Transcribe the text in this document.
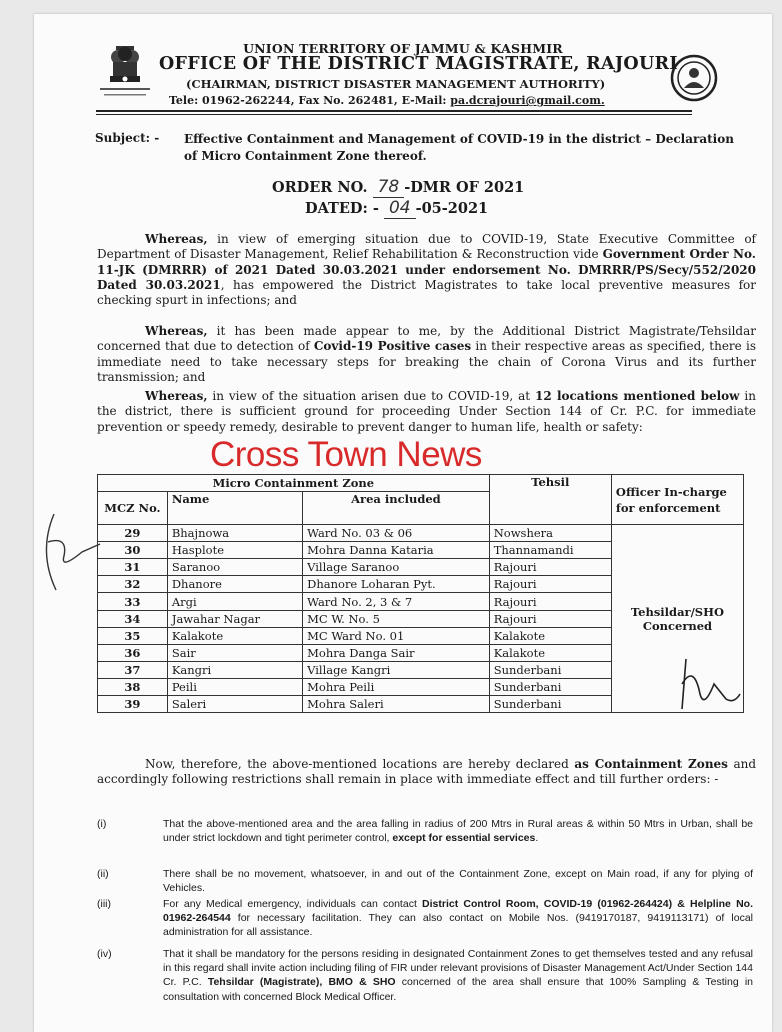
UNION TERRITORY OF JAMMU & KASHMIR
OFFICE OF THE DISTRICT MAGISTRATE, RAJOURI
(CHAIRMAN, DISTRICT DISASTER MANAGEMENT AUTHORITY)
Tele: 01962-262244, Fax No. 262481, E-Mail: pa.dcrajouri@gmail.com.
Subject: - Effective Containment and Management of COVID-19 in the district – Declaration of Micro Containment Zone thereof.
ORDER NO. 78 -DMR OF 2021
DATED: - 04 -05-2021
Whereas, in view of emerging situation due to COVID-19, State Executive Committee of Department of Disaster Management, Relief Rehabilitation & Reconstruction vide Government Order No. 11-JK (DMRRR) of 2021 Dated 30.03.2021 under endorsement No. DMRRR/PS/Secy/552/2020 Dated 30.03.2021, has empowered the District Magistrates to take local preventive measures for checking spurt in infections; and
Whereas, it has been made appear to me, by the Additional District Magistrate/Tehsildar concerned that due to detection of Covid-19 Positive cases in their respective areas as specified, there is immediate need to take necessary steps for breaking the chain of Corona Virus and its further transmission; and
Whereas, in view of the situation arisen due to COVID-19, at 12 locations mentioned below in the district, there is sufficient ground for proceeding Under Section 144 of Cr. P.C. for immediate prevention or speedy remedy, desirable to prevent danger to human life, health or safety:
Micro Containment Zone			Tehsil	Officer In-charge for enforcement
MCZ No.	Name	Area included		
29	Bhajnowa	Ward No. 03 & 06	Nowshera	Tehsildar/SHO Concerned
30	Hasplote	Mohra Danna Kataria	Thannamandi	
31	Saranoo	Village Saranoo	Rajouri	
32	Dhanore	Dhanore Loharan Pyt.	Rajouri	
33	Argi	Ward No. 2, 3 & 7	Rajouri	
34	Jawahar Nagar	MC W. No. 5	Rajouri	
35	Kalakote	MC Ward No. 01	Kalakote	
36	Sair	Mohra Danga Sair	Kalakote	
37	Kangri	Village Kangri	Sunderbani	
38	Peili	Mohra Peili	Sunderbani	
39	Saleri	Mohra Saleri	Sunderbani	
Cross Town News
Now, therefore, the above-mentioned locations are hereby declared as Containment Zones and accordingly following restrictions shall remain in place with immediate effect and till further orders: -
(i)	That the above-mentioned area and the area falling in radius of 200 Mtrs in Rural areas & within 50 Mtrs in Urban, shall be under strict lockdown and tight perimeter control, except for essential services.
(ii)	There shall be no movement, whatsoever, in and out of the Containment Zone, except on Main road, if any for plying of Vehicles.
(iii)	For any Medical emergency, individuals can contact District Control Room, COVID-19 (01962-264424) & Helpline No. 01962-264544 for necessary facilitation. They can also contact on Mobile Nos. (9419170187, 9419113171) of local administration for all assistance.
(iv)	That it shall be mandatory for the persons residing in designated Containment Zones to get themselves tested and any refusal in this regard shall invite action including filing of FIR under relevant provisions of Disaster Management Act/Under Section 144 Cr. P.C. Tehsildar (Magistrate), BMO & SHO concerned of the area shall ensure that 100% Sampling & Testing in consultation with concerned Block Medical Officer.
